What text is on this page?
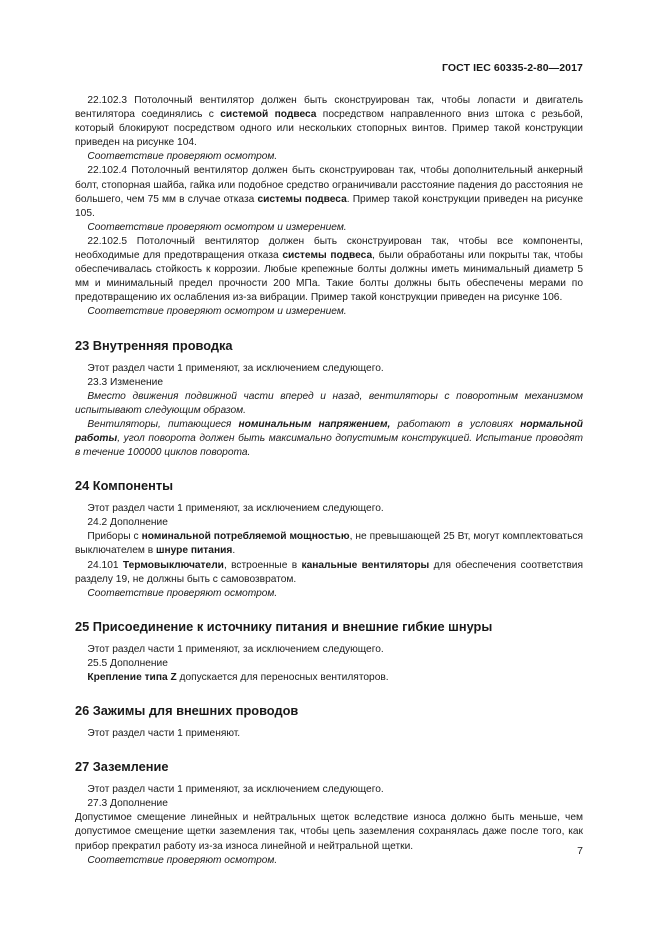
ГОСТ IEC 60335-2-80—2017

22.102.3 Потолочный вентилятор должен быть сконструирован так, чтобы лопасти и двигатель вентилятора соединялись с системой подвеса посредством направленного вниз штока с резьбой, который блокируют посредством одного или нескольких стопорных винтов. Пример такой конструкции приведен на рисунке 104.

Соответствие проверяют осмотром.

22.102.4 Потолочный вентилятор должен быть сконструирован так, чтобы дополнительный анкерный болт, стопорная шайба, гайка или подобное средство ограничивали расстояние падения до расстояния не большего, чем 75 мм в случае отказа системы подвеса. Пример такой конструкции приведен на рисунке 105.

Соответствие проверяют осмотром и измерением.

22.102.5 Потолочный вентилятор должен быть сконструирован так, чтобы все компоненты, необходимые для предотвращения отказа системы подвеса, были обработаны или покрыты так, чтобы обеспечивалась стойкость к коррозии. Любые крепежные болты должны иметь минимальный диаметр 5 мм и минимальный предел прочности 200 МПа. Такие болты должны быть обеспечены мерами по предотвращению их ослабления из-за вибрации. Пример такой конструкции приведен на рисунке 106.

Соответствие проверяют осмотром и измерением.

23 Внутренняя проводка

Этот раздел части 1 применяют, за исключением следующего.

23.3 Изменение

Вместо движения подвижной части вперед и назад, вентиляторы с поворотным механизмом испытывают следующим образом.

Вентиляторы, питающиеся номинальным напряжением, работают в условиях нормальной работы, угол поворота должен быть максимально допустимым конструкцией. Испытание проводят в течение 100000 циклов поворота.

24 Компоненты

Этот раздел части 1 применяют, за исключением следующего.

24.2 Дополнение

Приборы с номинальной потребляемой мощностью, не превышающей 25 Вт, могут комплектоваться выключателем в шнуре питания.

24.101 Термовыключатели, встроенные в канальные вентиляторы для обеспечения соответствия разделу 19, не должны быть с самовозвратом.

Соответствие проверяют осмотром.

25 Присоединение к источнику питания и внешние гибкие шнуры

Этот раздел части 1 применяют, за исключением следующего.

25.5 Дополнение

Крепление типа Z допускается для переносных вентиляторов.

26 Зажимы для внешних проводов

Этот раздел части 1 применяют.

27 Заземление

Этот раздел части 1 применяют, за исключением следующего.

27.3 Дополнение

Допустимое смещение линейных и нейтральных щеток вследствие износа должно быть меньше, чем допустимое смещение щетки заземления так, чтобы цепь заземления сохранялась даже после того, как прибор прекратил работу из-за износа линейной и нейтральной щетки.

Соответствие проверяют осмотром.

7
